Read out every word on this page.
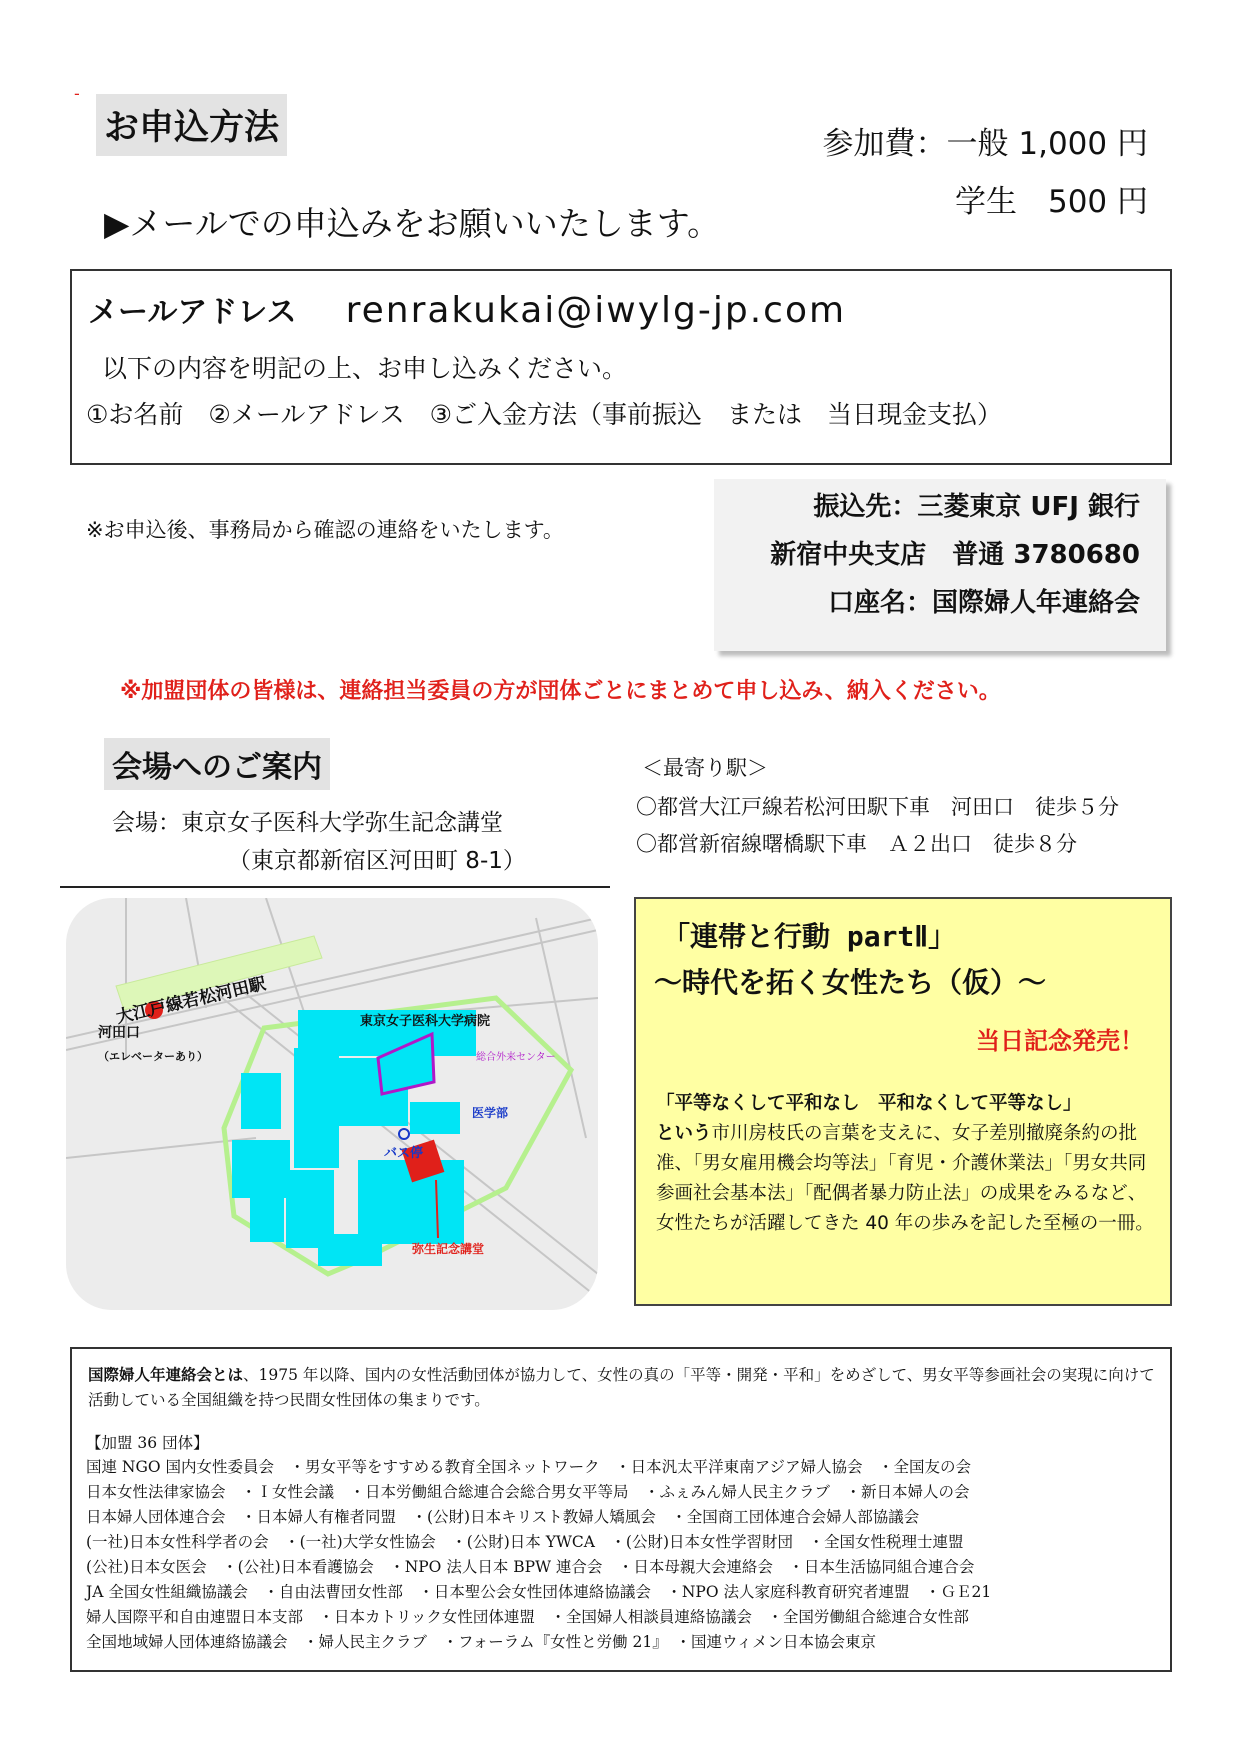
-
お申込方法	参加費：一般 1,000 円
学生　500 円
▶メールでの申込みをお願いいたします。
メールアドレス renrakukai@iwylg-jp.com
以下の内容を明記の上、お申し込みください。
①お名前　②メールアドレス　③ご入金方法（事前振込　または　当日現金支払）
※お申込後、事務局から確認の連絡をいたします。
振込先：三菱東京 UFJ 銀行
新宿中央支店　普通 3780680
口座名：国際婦人年連絡会
※加盟団体の皆様は、連絡担当委員の方が団体ごとにまとめて申し込み、納入ください。
会場へのご案内
会場：東京女子医科大学弥生記念講堂
（東京都新宿区河田町 8-1）
＜最寄り駅＞
〇都営大江戸線若松河田駅下車　河田口　徒歩５分
〇都営新宿線曙橋駅下車　Ａ２出口　徒歩８分
大江戸線若松河田駅
河田口
（エレベーターあり）
東京女子医科大学病院
総合外来センター
医学部
バス停
弥生記念講堂
「連帯と行動 partⅡ」
～時代を拓く女性たち（仮）～
当日記念発売！
「平等なくして平和なし　平和なくして平等なし」
という市川房枝氏の言葉を支えに、女子差別撤廃条約の批准、「男女雇用機会均等法」「育児・介護休業法」「男女共同参画社会基本法」「配偶者暴力防止法」の成果をみるなど、女性たちが活躍してきた 40 年の歩みを記した至極の一冊。
国際婦人年連絡会とは、1975 年以降、国内の女性活動団体が協力して、女性の真の「平等・開発・平和」をめざして、男女平等参画社会の実現に向けて活動している全国組織を持つ民間女性団体の集まりです。
【加盟 36 団体】
国連 NGO 国内女性委員会　・男女平等をすすめる教育全国ネットワーク　・日本汎太平洋東南アジア婦人協会　・全国友の会
日本女性法律家協会　・Ｉ女性会議　・日本労働組合総連合会総合男女平等局　・ふぇみん婦人民主クラブ　・新日本婦人の会
日本婦人団体連合会　・日本婦人有権者同盟　・(公財)日本キリスト教婦人矯風会　・全国商工団体連合会婦人部協議会
(一社)日本女性科学者の会　・(一社)大学女性協会　・(公財)日本 YWCA　・(公財)日本女性学習財団　・全国女性税理士連盟
(公社)日本女医会　・(公社)日本看護協会　・NPO 法人日本 BPW 連合会　・日本母親大会連絡会　・日本生活協同組合連合会
JA 全国女性組織協議会　・自由法曹団女性部　・日本聖公会女性団体連絡協議会　・NPO 法人家庭科教育研究者連盟　・ＧＥ21
婦人国際平和自由連盟日本支部　・日本カトリック女性団体連盟　・全国婦人相談員連絡協議会　・全国労働組合総連合女性部
全国地域婦人団体連絡協議会　・婦人民主クラブ　・フォーラム『女性と労働 21』　・国連ウィメン日本協会東京
